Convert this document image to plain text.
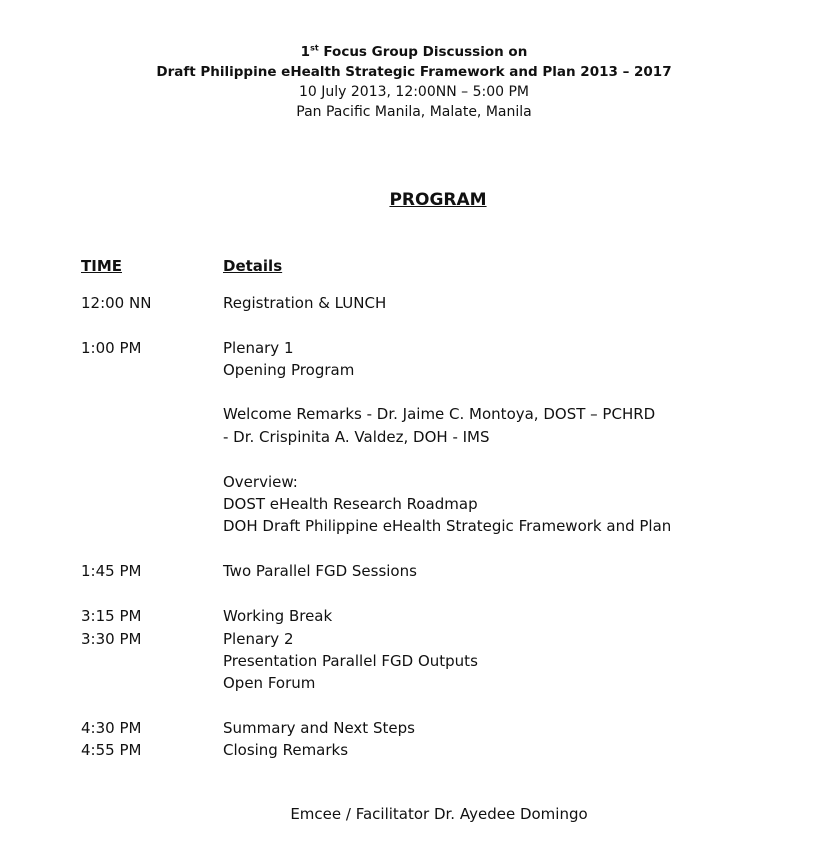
1st Focus Group Discussion on
Draft Philippine eHealth Strategic Framework and Plan 2013 – 2017
10 July 2013, 12:00NN – 5:00 PM
Pan Pacific Manila, Malate, Manila
PROGRAM
TIME	Details
12:00 NN	Registration & LUNCH
1:00 PM	Plenary 1
Opening Program
Welcome Remarks - Dr. Jaime C. Montoya, DOST – PCHRD
- Dr. Crispinita A. Valdez, DOH - IMS
Overview:
DOST eHealth Research Roadmap
DOH Draft Philippine eHealth Strategic Framework and Plan
1:45 PM	Two Parallel FGD Sessions
3:15 PM	Working Break
3:30 PM	Plenary 2
Presentation Parallel FGD Outputs
Open Forum
4:30 PM	Summary and Next Steps
4:55 PM	Closing Remarks
Emcee / Facilitator Dr. Ayedee Domingo
